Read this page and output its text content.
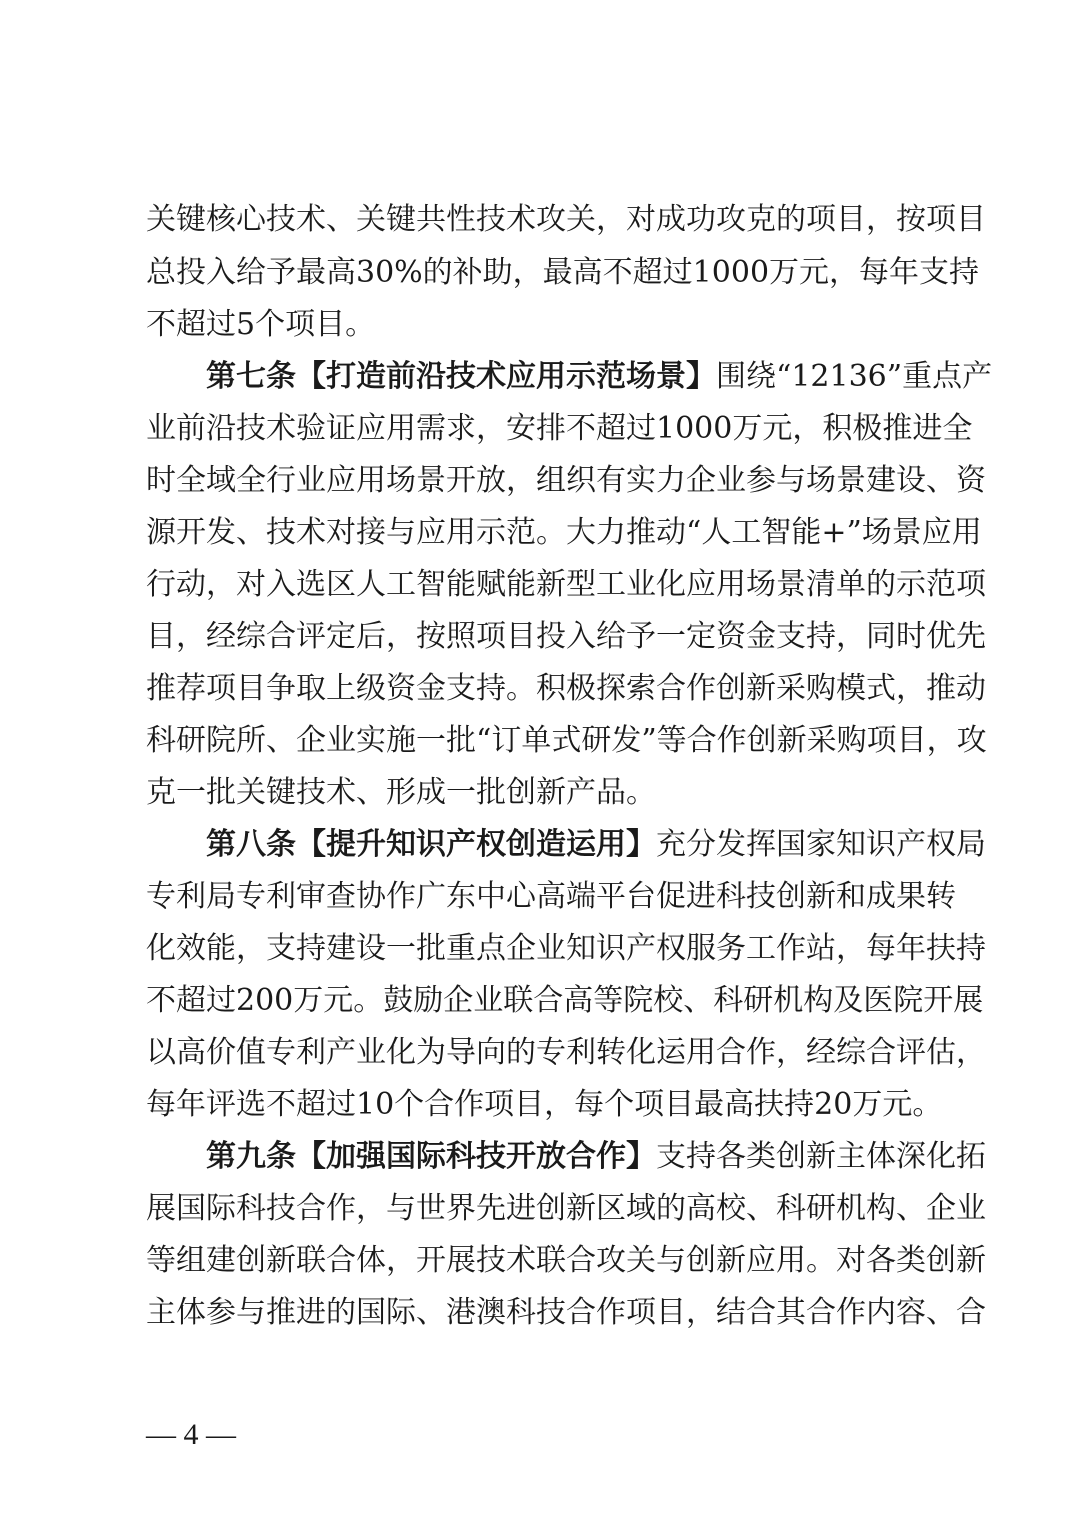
关键核心技术、关键共性技术攻关，对成功攻克的项目，按项目
总投入给予最高30%的补助，最高不超过1000万元，每年支持
不超过5个项目。
第七条【打造前沿技术应用示范场景】围绕“12136”重点产
业前沿技术验证应用需求，安排不超过1000万元，积极推进全
时全域全行业应用场景开放，组织有实力企业参与场景建设、资
源开发、技术对接与应用示范。大力推动“人工智能+”场景应用
行动，对入选区人工智能赋能新型工业化应用场景清单的示范项
目，经综合评定后，按照项目投入给予一定资金支持，同时优先
推荐项目争取上级资金支持。积极探索合作创新采购模式，推动
科研院所、企业实施一批“订单式研发”等合作创新采购项目，攻
克一批关键技术、形成一批创新产品。
第八条【提升知识产权创造运用】充分发挥国家知识产权局
专利局专利审查协作广东中心高端平台促进科技创新和成果转
化效能，支持建设一批重点企业知识产权服务工作站，每年扶持
不超过200万元。鼓励企业联合高等院校、科研机构及医院开展
以高价值专利产业化为导向的专利转化运用合作，经综合评估，
每年评选不超过10个合作项目，每个项目最高扶持20万元。
第九条【加强国际科技开放合作】支持各类创新主体深化拓
展国际科技合作，与世界先进创新区域的高校、科研机构、企业
等组建创新联合体，开展技术联合攻关与创新应用。对各类创新
主体参与推进的国际、港澳科技合作项目，结合其合作内容、合
— 4 —
